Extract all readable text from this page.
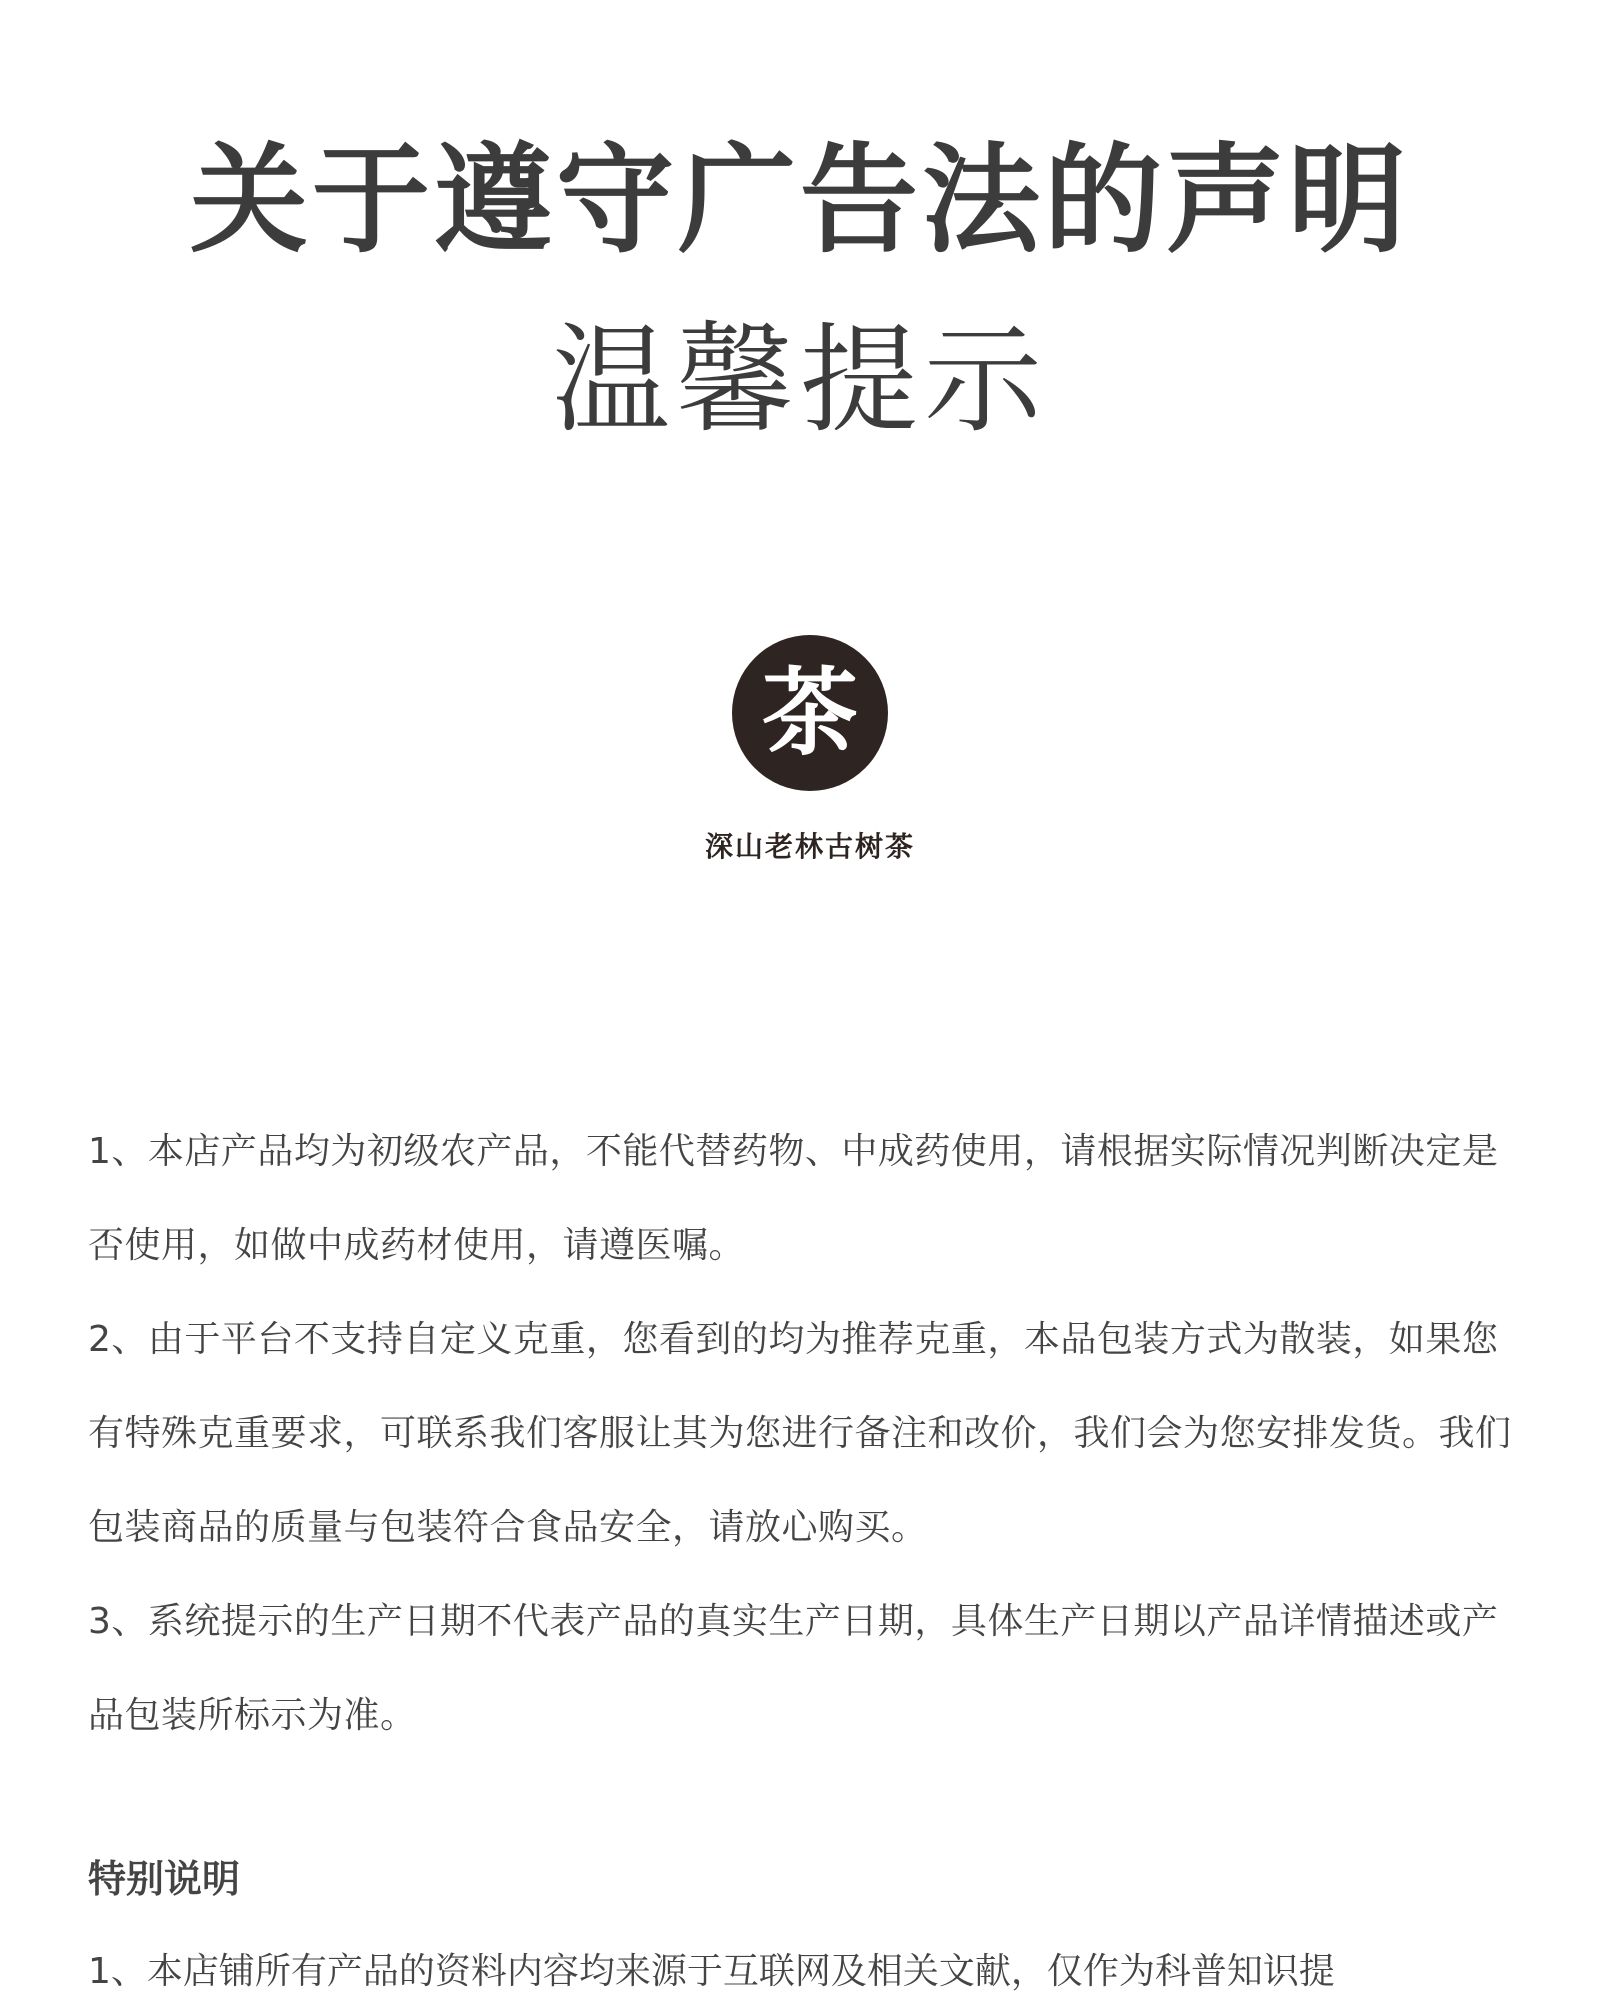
关于遵守广告法的声明
温馨提示
茶
深山老林古树茶

1、本店产品均为初级农产品，不能代替药物、中成药使用，请根据实际情况判断决定是否使用，如做中成药材使用，请遵医嘱。

2、由于平台不支持自定义克重，您看到的均为推荐克重，本品包装方式为散装，如果您有特殊克重要求，可联系我们客服让其为您进行备注和改价，我们会为您安排发货。我们包装商品的质量与包装符合食品安全，请放心购买。

3、系统提示的生产日期不代表产品的真实生产日期，具体生产日期以产品详情描述或产品包装所标示为准。

特别说明
1、本店铺所有产品的资料内容均来源于互联网及相关文献，仅作为科普知识提
